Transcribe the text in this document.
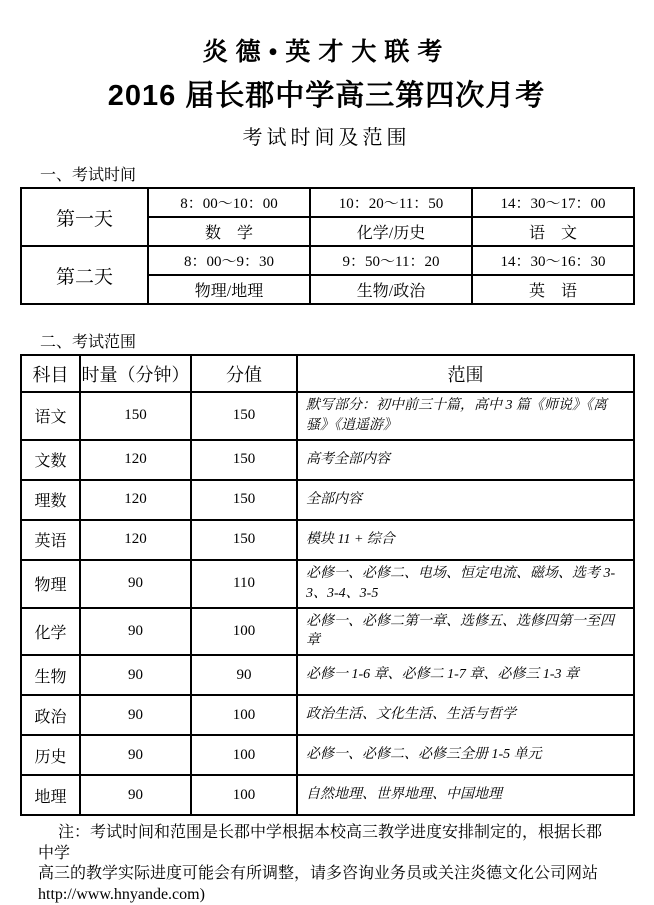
炎德•英才大联考
2016 届长郡中学高三第四次月考
考试时间及范围
一、考试时间
第一天	8：00～10：00	10：20～11：50	14：30～17：00
	数　学	化学/历史	语　文
第二天	8：00～9：30	9：50～11：20	14：30～16：30
	物理/地理	生物/政治	英　语
二、考试范围
科目	时量（分钟）	分值	范围
语文	150	150	默写部分：初中前三十篇，高中 3 篇《师说》《离骚》《逍遥游》
文数	120	150	高考全部内容
理数	120	150	全部内容
英语	120	150	模块 11 + 综合
物理	90	110	必修一、必修二、电场、恒定电流、磁场、选考 3-3、3-4、3-5
化学	90	100	必修一、必修二第一章、选修五、选修四第一至四章
生物	90	90	必修一 1-6 章、必修二 1-7 章、必修三 1-3 章
政治	90	100	政治生活、文化生活、生活与哲学
历史	90	100	必修一、必修二、必修三全册 1-5 单元
地理	90	100	自然地理、世界地理、中国地理
注：考试时间和范围是长郡中学根据本校高三教学进度安排制定的，根据长郡中学
高三的教学实际进度可能会有所调整，请多咨询业务员或关注炎德文化公司网站
http://www.hnyande.com)
